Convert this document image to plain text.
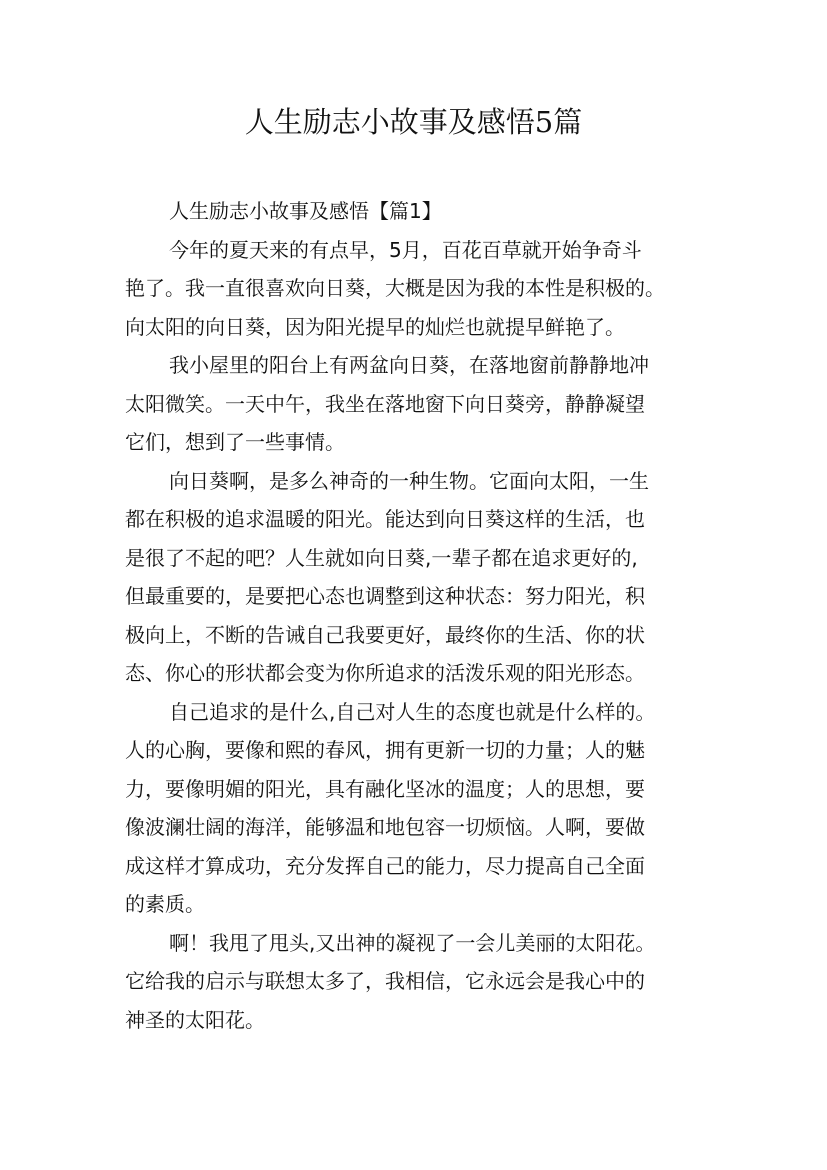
人生励志小故事及感悟5篇
人生励志小故事及感悟【篇1】
今年的夏天来的有点早，5月，百花百草就开始争奇斗
艳了。我一直很喜欢向日葵，大概是因为我的本性是积极的。
向太阳的向日葵，因为阳光提早的灿烂也就提早鲜艳了。
我小屋里的阳台上有两盆向日葵，在落地窗前静静地冲
太阳微笑。一天中午，我坐在落地窗下向日葵旁，静静凝望
它们，想到了一些事情。
向日葵啊，是多么神奇的一种生物。它面向太阳，一生
都在积极的追求温暖的阳光。能达到向日葵这样的生活，也
是很了不起的吧？人生就如向日葵,一辈子都在追求更好的,
但最重要的，是要把心态也调整到这种状态：努力阳光，积
极向上，不断的告诫自己我要更好，最终你的生活、你的状
态、你心的形状都会变为你所追求的活泼乐观的阳光形态。
自己追求的是什么,自己对人生的态度也就是什么样的。
人的心胸，要像和熙的春风，拥有更新一切的力量；人的魅
力，要像明媚的阳光，具有融化坚冰的温度；人的思想，要
像波澜壮阔的海洋，能够温和地包容一切烦恼。人啊，要做
成这样才算成功，充分发挥自己的能力，尽力提高自己全面
的素质。
啊！我甩了甩头,又出神的凝视了一会儿美丽的太阳花。
它给我的启示与联想太多了，我相信，它永远会是我心中的
神圣的太阳花。
